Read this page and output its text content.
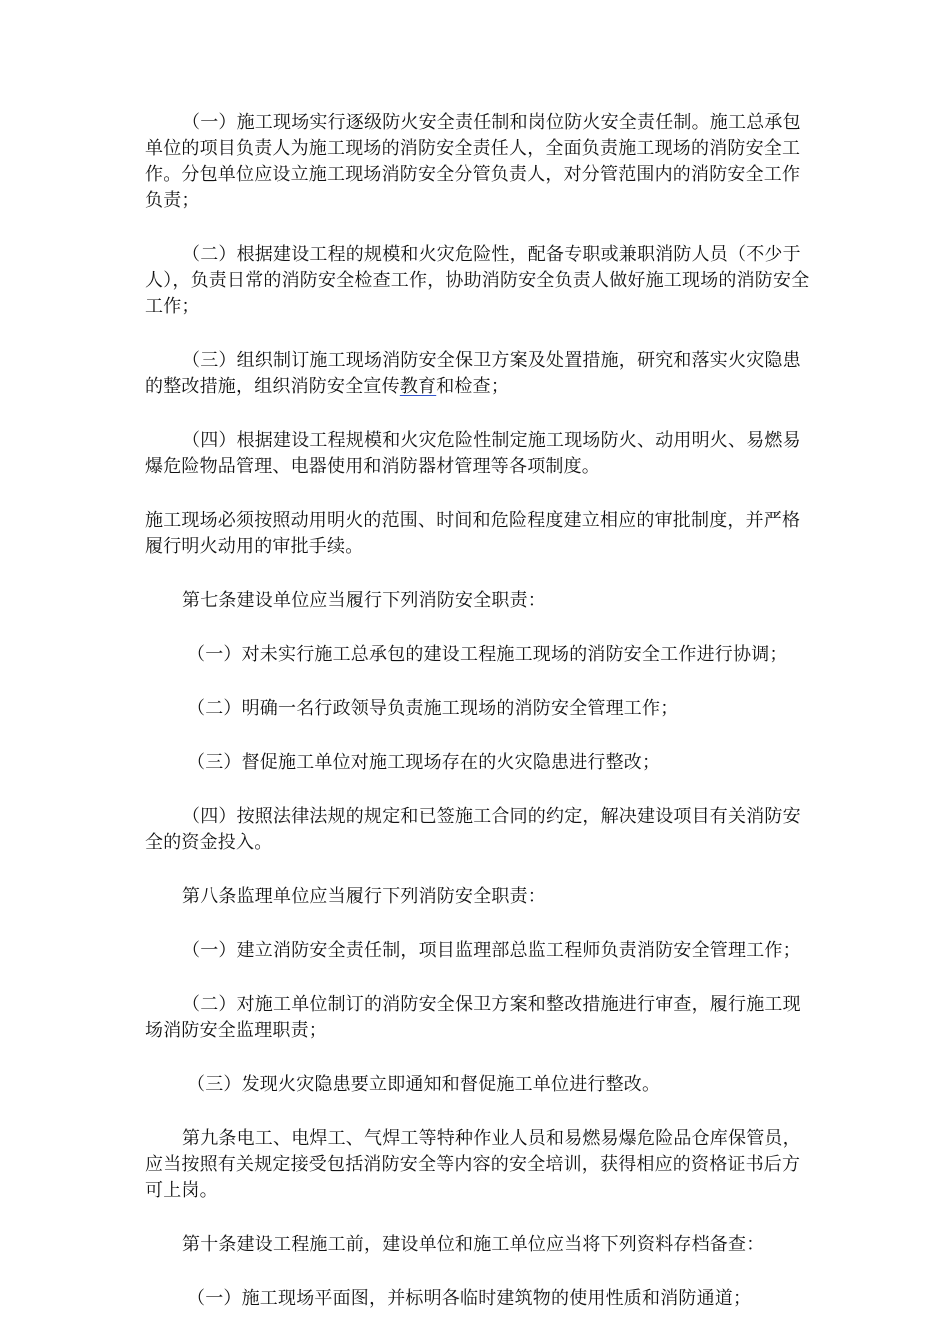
（一）施工现场实行逐级防火安全责任制和岗位防火安全责任制。施工总承包单位的项目负责人为施工现场的消防安全责任人，全面负责施工现场的消防安全工作。分包单位应设立施工现场消防安全分管负责人，对分管范围内的消防安全工作负责；

（二）根据建设工程的规模和火灾危险性，配备专职或兼职消防人员（不少于　人），负责日常的消防安全检查工作，协助消防安全负责人做好施工现场的消防安全工作；

（三）组织制订施工现场消防安全保卫方案及处置措施，研究和落实火灾隐患的整改措施，组织消防安全宣传教育和检查；

（四）根据建设工程规模和火灾危险性制定施工现场防火、动用明火、易燃易爆危险物品管理、电器使用和消防器材管理等各项制度。

施工现场必须按照动用明火的范围、时间和危险程度建立相应的审批制度，并严格履行明火动用的审批手续。

第七条建设单位应当履行下列消防安全职责：

（一）对未实行施工总承包的建设工程施工现场的消防安全工作进行协调；

（二）明确一名行政领导负责施工现场的消防安全管理工作；

（三）督促施工单位对施工现场存在的火灾隐患进行整改；

（四）按照法律法规的规定和已签施工合同的约定，解决建设项目有关消防安全的资金投入。

第八条监理单位应当履行下列消防安全职责：

（一）建立消防安全责任制，项目监理部总监工程师负责消防安全管理工作；

（二）对施工单位制订的消防安全保卫方案和整改措施进行审查，履行施工现场消防安全监理职责；

（三）发现火灾隐患要立即通知和督促施工单位进行整改。

第九条电工、电焊工、气焊工等特种作业人员和易燃易爆危险品仓库保管员，应当按照有关规定接受包括消防安全等内容的安全培训，获得相应的资格证书后方可上岗。

第十条建设工程施工前，建设单位和施工单位应当将下列资料存档备查：

（一）施工现场平面图，并标明各临时建筑物的使用性质和消防通道；
